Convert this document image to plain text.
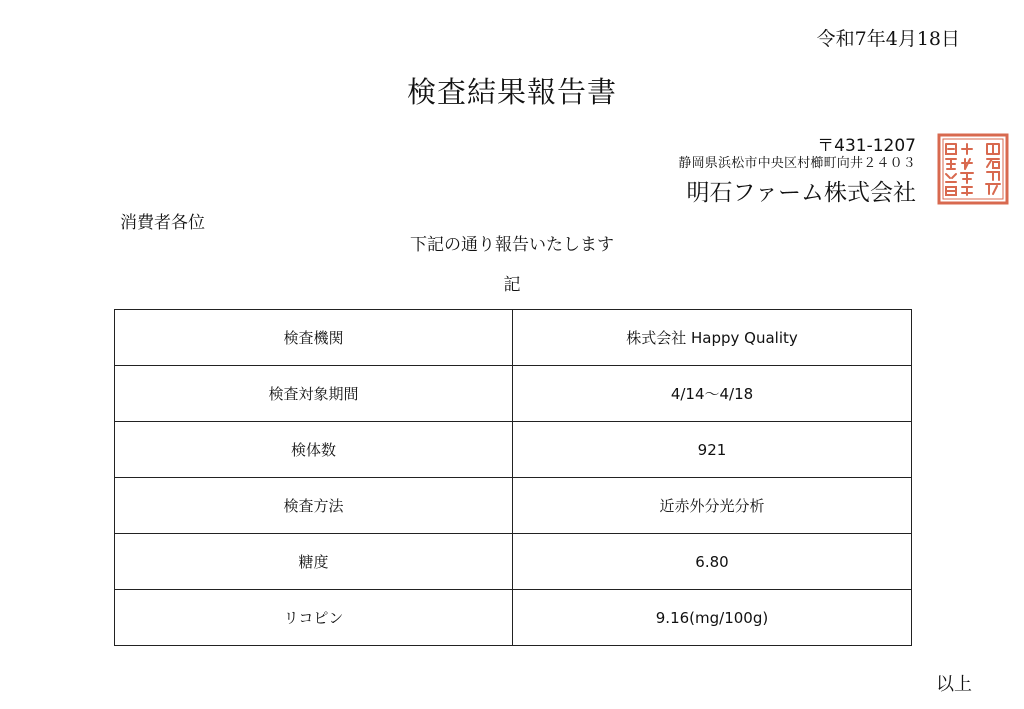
令和7年4月18日
検査結果報告書
〒431-1207
静岡県浜松市中央区村櫛町向井２４０３
明石ファーム株式会社
消費者各位
下記の通り報告いたします
記
検査機関	株式会社 Happy Quality
検査対象期間	4/14～4/18
検体数	921
検査方法	近赤外分光分析
糖度	6.80
リコピン	9.16(mg/100g)
以上
